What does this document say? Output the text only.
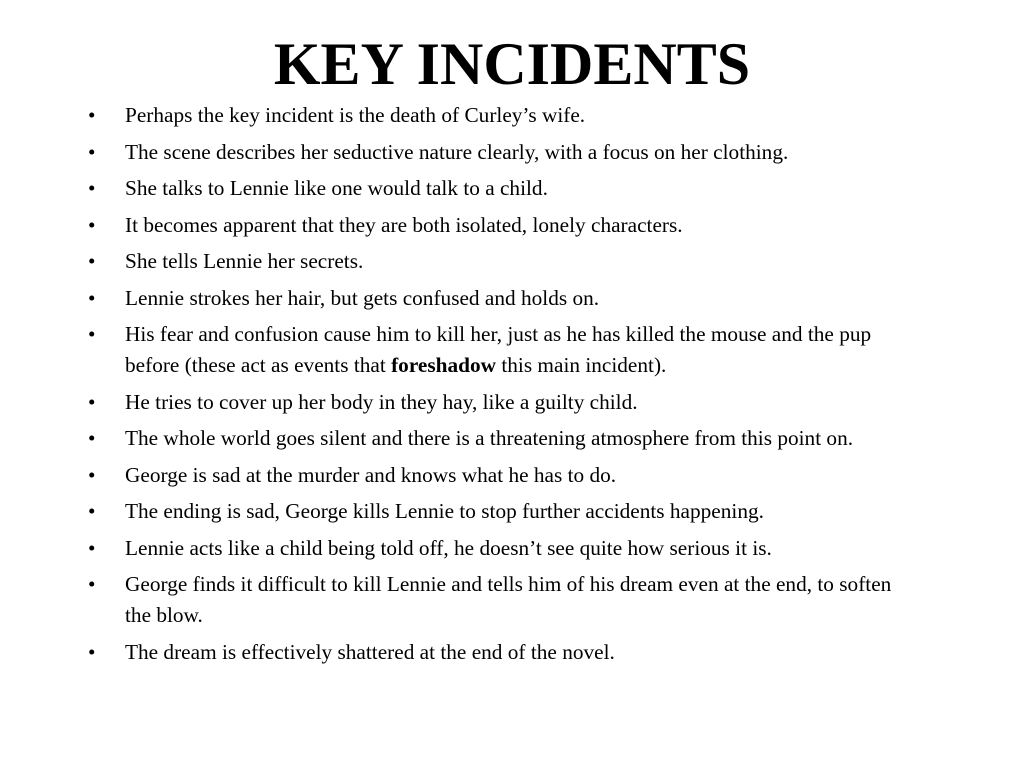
KEY INCIDENTS
•	Perhaps the key incident is the death of Curley’s wife.
•	The scene describes her seductive nature clearly, with a focus on her clothing.
•	She talks to Lennie like one would talk to a child.
•	It becomes apparent that they are both isolated, lonely characters.
•	She tells Lennie her secrets.
•	Lennie strokes her hair, but gets confused and holds on.
•	His fear and confusion cause him to kill her, just as he has killed the mouse and the pup before (these act as events that foreshadow this main incident).
•	He tries to cover up her body in they hay, like a guilty child.
•	The whole world goes silent and there is a threatening atmosphere from this point on.
•	George is sad at the murder and knows what he has to do.
•	The ending is sad, George kills Lennie to stop further accidents happening.
•	Lennie acts like a child being told off, he doesn’t see quite how serious it is.
•	George finds it difficult to kill Lennie and tells him of his dream even at the end, to soften the blow.
•	The dream is effectively shattered at the end of the novel.
